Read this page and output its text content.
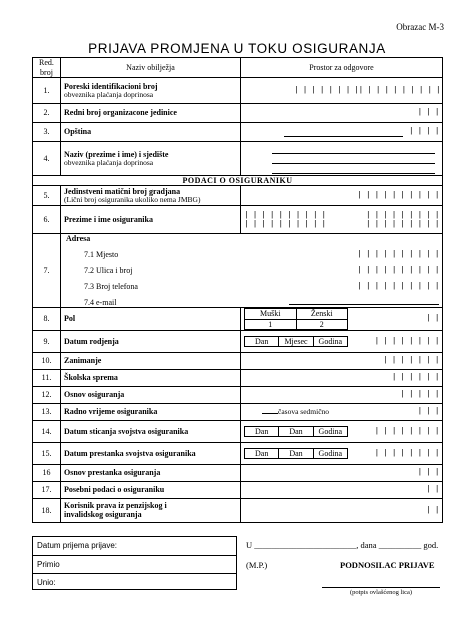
Obrazac M-3
PRIJAVA PROMJENA U TOKU OSIGURANJA
Red. broj	Naziv obilježja	Prostor za odgovore
1.	Poreski identifikacioni broj
obveznika plaćanja doprinosa	| | | | | | | | | | | | | | | | | |

2.	Redni broj organizacone jedinice	| | |
3.	Opština	| | | |

4.	Naziv (prezime i ime) i sjedište
obveznika plaćanja doprinosa

PODACI O OSIGURANIKU
5.	Jedinstveni matični broj gradjana
(Lični broj osiguranika ukoliko nema JMBG)	| | | | | | | | | |
6.	Prezime i ime osiguranika	
| | | | | | | | | |	| | | | | | | | |
| | | | | | | | | |	| | | | | | | | |

7.	
Adresa
7.1 Mjesto	| | | | | | | | | |
7.2 Ulica i broj	| | | | | | | | | |
7.3 Broj telefona	| | | | | | | | | |
7.4 e-mail

8.	Pol	
Muški	Ženski
1	2
| |

9.	Datum rodjenja		Dan	Mjesec	Godina	| | | | | | | |

10.	Zanimanje	| | | | | | |
11.	Školska sprema	| | | | | |
12.	Osnov osiguranja	| | | | |
13.	Radno vrijeme osiguranika	časova sedmično	| | |

14.	Datum sticanja svojstva osiguranika		Dan	Dan	Godina	| | | | | | | |

15.	Datum prestanka svojstva osiguranika		Dan	Dan	Godina	| | | | | | | |

16	Osnov prestanka osiguranja	| | |
17.	Posebni podaci o osiguraniku	| |
18.	
Korisnik prava iz penzijskog i
invalidskog osiguranja
	| |
Datum prijema prijave:
Primio
Unio:
U ________________________, dana __________ god.
(M.P.)	PODNOSILAC PRIJAVE
(potpis ovlašćenog lica)
